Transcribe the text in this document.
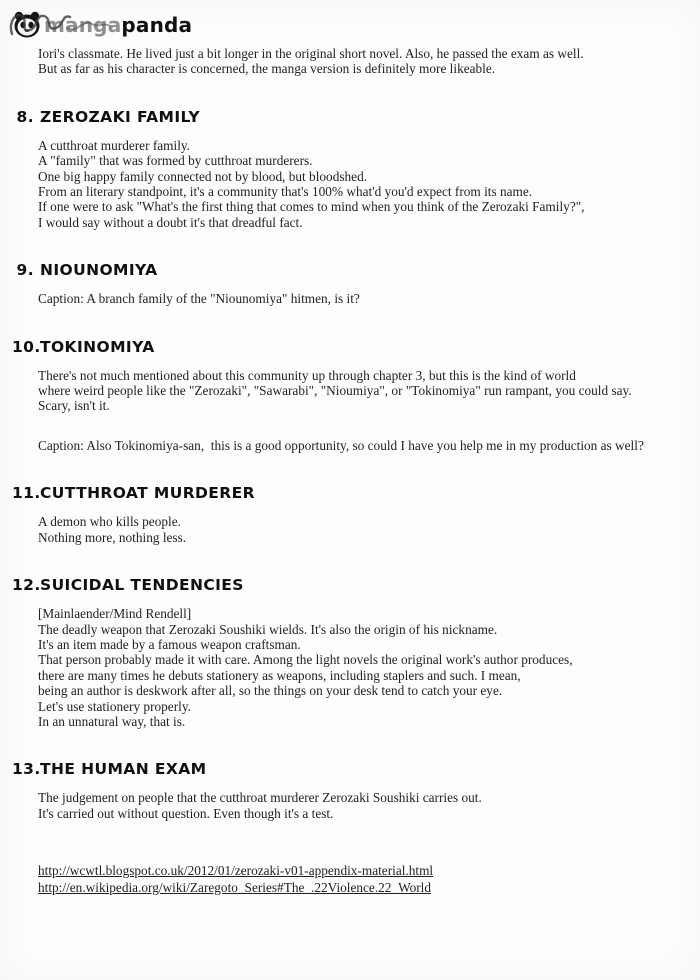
manga panda
Iori's classmate. He lived just a bit longer in the original short novel. Also, he passed the exam as well.
But as far as his character is concerned, the manga version is definitely more likeable.
8. ZEROZAKI FAMILY
A cutthroat murderer family.
A "family" that was formed by cutthroat murderers.
One big happy family connected not by blood, but bloodshed.
From an literary standpoint, it's a community that's 100% what'd you'd expect from its name.
If one were to ask "What's the first thing that comes to mind when you think of the Zerozaki Family?",
I would say without a doubt it's that dreadful fact.
9. NIOUNOMIYA
Caption: A branch family of the "Niounomiya" hitmen, is it?
10. TOKINOMIYA
There's not much mentioned about this community up through chapter 3, but this is the kind of world
where weird people like the "Zerozaki", "Sawarabi", "Nioumiya", or "Tokinomiya" run rampant, you could say.
Scary, isn't it.
Caption: Also Tokinomiya-san,  this is a good opportunity, so could I have you help me in my production as well?
11. CUTTHROAT MURDERER
A demon who kills people.
Nothing more, nothing less.
12. SUICIDAL TENDENCIES
[Mainlaender/Mind Rendell]
The deadly weapon that Zerozaki Soushiki wields. It's also the origin of his nickname.
It's an item made by a famous weapon craftsman.
That person probably made it with care. Among the light novels the original work's author produces,
there are many times he debuts stationery as weapons, including staplers and such. I mean,
being an author is deskwork after all, so the things on your desk tend to catch your eye.
Let's use stationery properly.
In an unnatural way, that is.
13. THE HUMAN EXAM
The judgement on people that the cutthroat murderer Zerozaki Soushiki carries out.
It's carried out without question. Even though it's a test.
http://wcwtl.blogspot.co.uk/2012/01/zerozaki-v01-appendix-material.html
http://en.wikipedia.org/wiki/Zaregoto_Series#The_.22Violence.22_World
